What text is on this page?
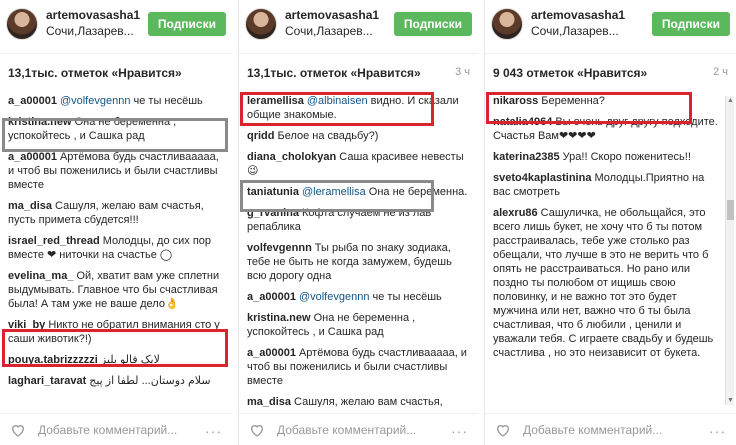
artemovasasha1
Сочи,Лазарев...	Подписки
13,1тыс. отметок «Нравится»
a_a00001 @volfevgennn че ты несёшь
kristina.new Она не беременна , успокойтесь , и Сашка рад
a_a00001 Артёмова будь счастливааааа, и чтоб вы поженились и были счастливы вместе
ma_disa Сашуля, желаю вам счастья, пусть примета сбудется!!!
israel_red_thread Молодцы, до сих пор вместе ❤ ниточки на счастье ◯
evelina_ma_ Ой, хватит вам уже сплетни выдумывать. Главное что бы счастливая была! А там уже не ваше дело👌
viki_by Никто не обратил внимания сто у саши животик?!)
pouya.tabrizzzzzi ﻻﯾﮏ ﻓﺎﻟﻮ ﺑﻠﯿﺰ
laghari_taravat ﺳﻼﻡ ﺩﻭﺳﺘﺎﻥ... ﻟﻄﻔﺎ ﺍﺯ ﭘﯿﺞ
Добавьте комментарий... ···
artemovasasha1
Сочи,Лазарев...	Подписки
13,1тыс. отметок «Нравится»	3 ч
leramellisa @albinaisen видно. И сказали общие знакомые.
qridd Белое на свадьбу?)
diana_cholokyan Саша красивее невесты😉
taniatunia @leramellisa Она не беременна.
g_rvanina Кофта случаем не из лав репаблика
volfevgennn Ты рыба по знаку зодиака, тебе не быть не когда замужем, будешь всю дорогу одна
a_a00001 @volfevgennn че ты несёшь
kristina.new Она не беременна , успокойтесь , и Сашка рад
a_a00001 Артёмова будь счастливааааа, и чтоб вы поженились и были счастливы вместе
ma_disa Сашуля, желаю вам счастья,
Добавьте комментарий... ···
artemovasasha1
Сочи,Лазарев...	Подписки
9 043 отметок «Нравится»	2 ч
nikaross Беременна?
natalia4964 Вы очень друг другу подходите. Счастья Вам❤❤❤❤
katerina2385 Ура!! Скоро поженитесь!!
sveto4kaplastinina Молодцы.Приятно на вас смотреть
alexru86 Сашуличка, не обольщайся, это всего лишь букет, не хочу что б ты потом расстраивалась, тебе уже столько раз обещали, что лучше в это не верить что б опять не расстраиваться. Но рано или поздно ты полюбом от ищишь свою половинку, и не важно тот это будет мужчина или нет, важно что б ты была счастливая, что б любили , ценили и уважали тебя. С играете свадьбу и будешь счастлива , но это неизависит от букета.
▲
▼
Добавьте комментарий...	···
